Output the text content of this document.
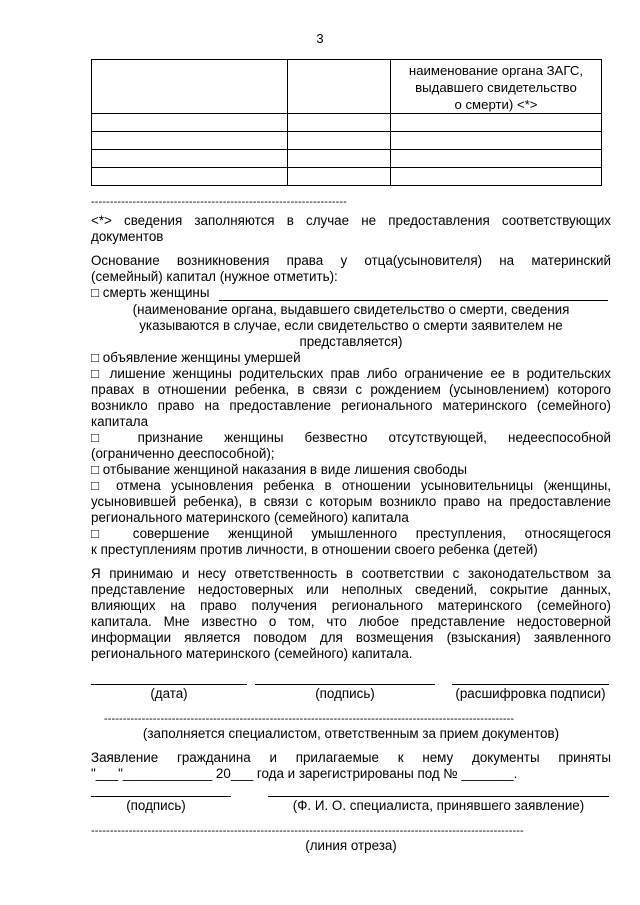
3

		наименование органа ЗАГС,
выдавшего свидетельство
о смерти) <*>

--------------------------------------------------------------------
<*> сведения заполняются в случае не предоставления соответствующих
документов
Основание возникновения права у отца(усыновителя) на материнский
(семейный) капитал (нужное отметить):
□ смерть женщины
(наименование органа, выдавшего свидетельство о смерти, сведения
указываются в случае, если свидетельство о смерти заявителем не
представляется)
□ объявление женщины умершей
□ лишение женщины родительских прав либо ограничение ее в родительских
правах в отношении ребенка, в связи с рождением (усыновлением) которого
возникло право на предоставление регионального материнского (семейного)
капитала
□ признание женщины безвестно отсутствующей, недееспособной
(ограниченно дееспособной);
□ отбывание женщиной наказания в виде лишения свободы
□ отмена усыновления ребенка в отношении усыновительницы (женщины,
усыновившей ребенка), в связи с которым возникло право на предоставление
регионального материнского (семейного) капитала
□ совершение женщиной умышленного преступления, относящегося
к преступлениям против личности, в отношении своего ребенка (детей)
Я принимаю и несу ответственность в соответствии с законодательством за
представление недостоверных или неполных сведений, сокрытие данных,
влияющих на право получения регионального материнского (семейного)
капитала. Мне известно о том, что любое представление недостоверной
информации является поводом для возмещения (взыскания) заявленного
регионального материнского (семейного) капитала.
(дата)	(подпись)	(расшифровка подписи)
-------------------------------------------------------------------------------------------------------------
(заполняется специалистом, ответственным за прием документов)
Заявление гражданина и прилагаемые к нему документы приняты
"___"____________ 20___ года и зарегистрированы под № _______.
(подпись)	(Ф. И. О. специалиста, принявшего заявление)
-------------------------------------------------------------------------------------------------------------------
(линия отреза)
